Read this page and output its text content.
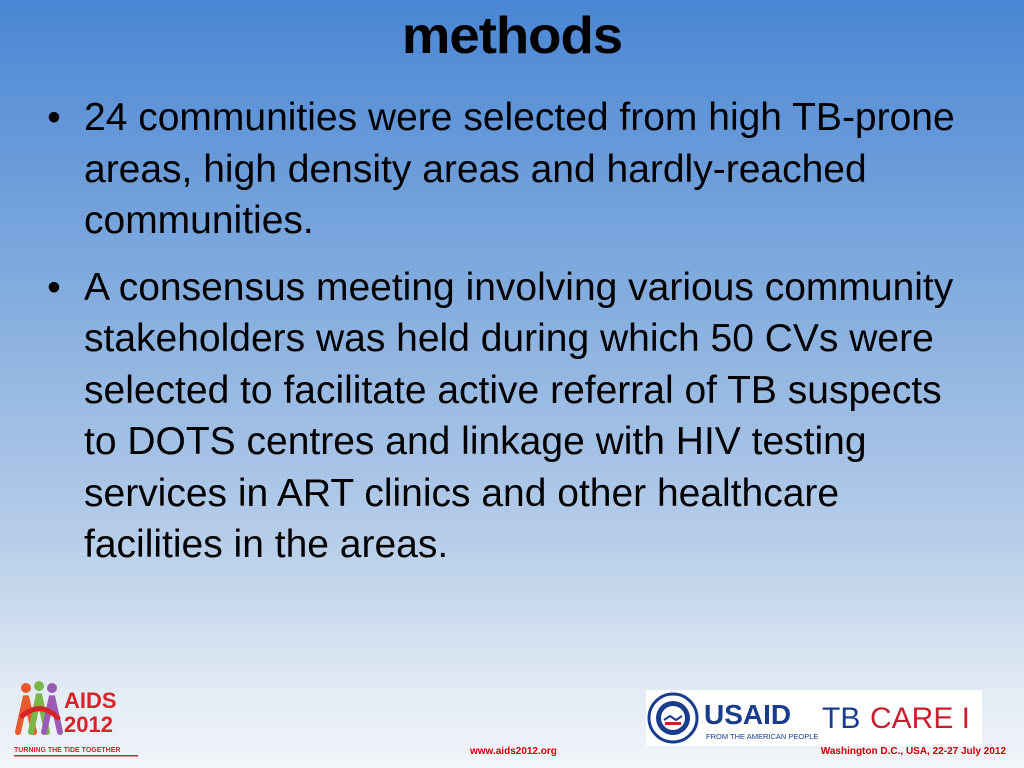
methods
• 24 communities were selected from high TB-prone areas, high density areas and hardly-reached communities.
• A consensus meeting involving various community stakeholders was held during which 50 CVs were selected to facilitate active referral of TB suspects to DOTS centres and linkage with HIV testing services in ART clinics and other healthcare facilities in the areas.
AIDS
2012
TURNING THE TIDE TOGETHER
USAID
FROM THE AMERICAN PEOPLE
TB CARE I
www.aids2012.org	Washington D.C., USA, 22-27 July 2012
